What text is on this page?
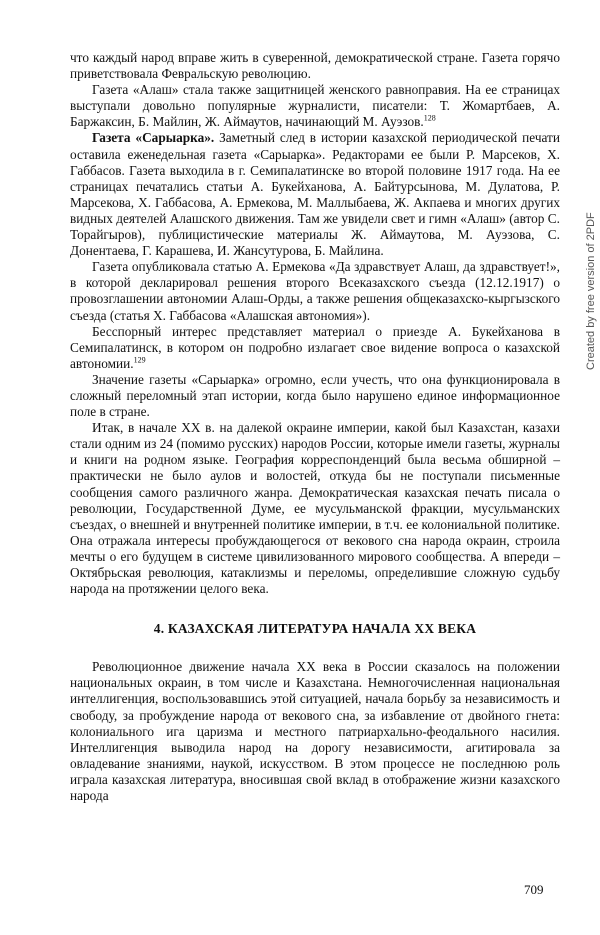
что каждый народ вправе жить в суверенной, демократической стране. Газета горячо приветствовала Февральскую революцию.

Газета «Алаш» стала также защитницей женского равноправия. На ее страницах выступали довольно популярные журналисти, писатели: Т. Жомартбаев, А. Баржаксин, Б. Майлин, Ж. Аймаутов, начинающий М. Ауэзов.$^{128}$

Газета «Сарыарка». Заметный след в истории казахской периодической печати оставила еженедельная газета «Сарыарка». Редакторами ее были Р. Марсеков, Х. Габбасов. Газета выходила в г. Семипалатинске во второй половине 1917 года. На ее страницах печатались статьи А. Букейханова, А. Байтурсынова, М. Дулатова, Р. Марсекова, Х. Габбасова, А. Ермекова, М. Маллыбаева, Ж. Акпаева и многих других видных деятелей Алашского движения. Там же увидели свет и гимн «Алаш» (автор С. Торайгыров), публицистические материалы Ж. Аймаутова, М. Ауэзова, С. Донентаева, Г. Карашева, И. Жансутурова, Б. Майлина.

Газета опубликовала статью А. Ермекова «Да здравствует Алаш, да здравствует!», в которой декларировал решения второго Всеказахского съезда (12.12.1917) о провозглашении автономии Алаш-Орды, а также решения общеказахско-кыргызского съезда (статья Х. Габбасова «Алашская автономия»).

Бесспорный интерес представляет материал о приезде А. Букейханова в Семипалатинск, в котором он подробно излагает свое видение вопроса о казахской автономии.$^{129}$

Значение газеты «Сарыарка» огромно, если учесть, что она функционировала в сложный переломный этап истории, когда было нарушено единое информационное поле в стране.

Итак, в начале XX в. на далекой окраине империи, какой был Казахстан, казахи стали одним из 24 (помимо русских) народов России, которые имели газеты, журналы и книги на родном языке. География корреспонденций была весьма обширной – практически не было аулов и волостей, откуда бы не поступали письменные сообщения самого различного жанра. Демократическая казахская печать писала о революции, Государственной Думе, ее мусульманской фракции, мусульманских съездах, о внешней и внутренней политике империи, в т.ч. ее колониальной политике. Она отражала интересы пробуждающегося от векового сна народа окраин, строила мечты о его будущем в системе цивилизованного мирового сообщества. А впереди – Октябрьская революция, катаклизмы и переломы, определившие сложную судьбу народа на протяжении целого века.

4. КАЗАХСКАЯ ЛИТЕРАТУРА НАЧАЛА XX ВЕКА

Революционное движение начала XX века в России сказалось на положении национальных окраин, в том числе и Казахстана. Немногочисленная национальная интеллигенция, воспользовавшись этой ситуацией, начала борьбу за независимость и свободу, за пробуждение народа от векового сна, за избавление от двойного гнета: колониального ига царизма и местного патриархально-феодального насилия. Интеллигенция выводила народ на дорогу независимости, агитировала за овладевание знаниями, наукой, искусством. В этом процессе не последнюю роль играла казахская литература, вносившая свой вклад в отображение жизни казахского народа

709
Created by free version of 2PDF
